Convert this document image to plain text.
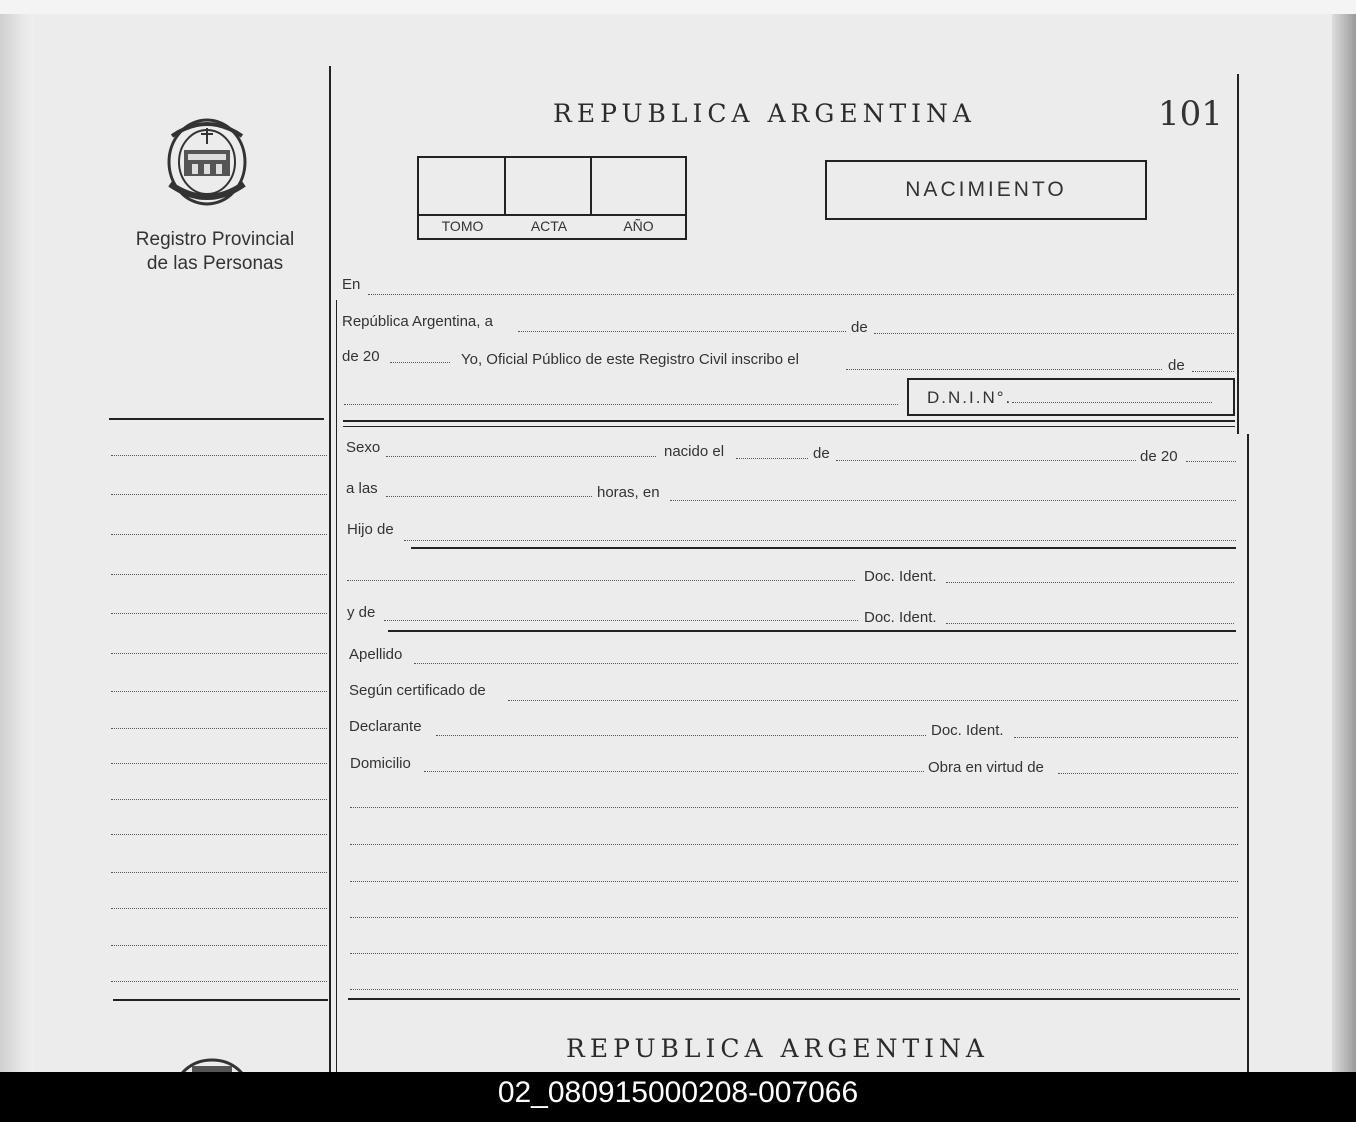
Registro Provincial
de las Personas
REPUBLICA ARGENTINA	101
TOMO	ACTA	AÑO
NACIMIENTO
En
República Argentina, a	de
de 20	Yo, Oficial Público de este Registro Civil inscribo el	de
D.N.I.N°.
Sexo	nacido el	de	de 20
a las	horas, en
Hijo de
Doc. Ident.
y de	Doc. Ident.
Apellido
Según certificado de
Declarante	Doc. Ident.
Domicilio	Obra en virtud de
REPUBLICA ARGENTINA
02_080915000208-007066
